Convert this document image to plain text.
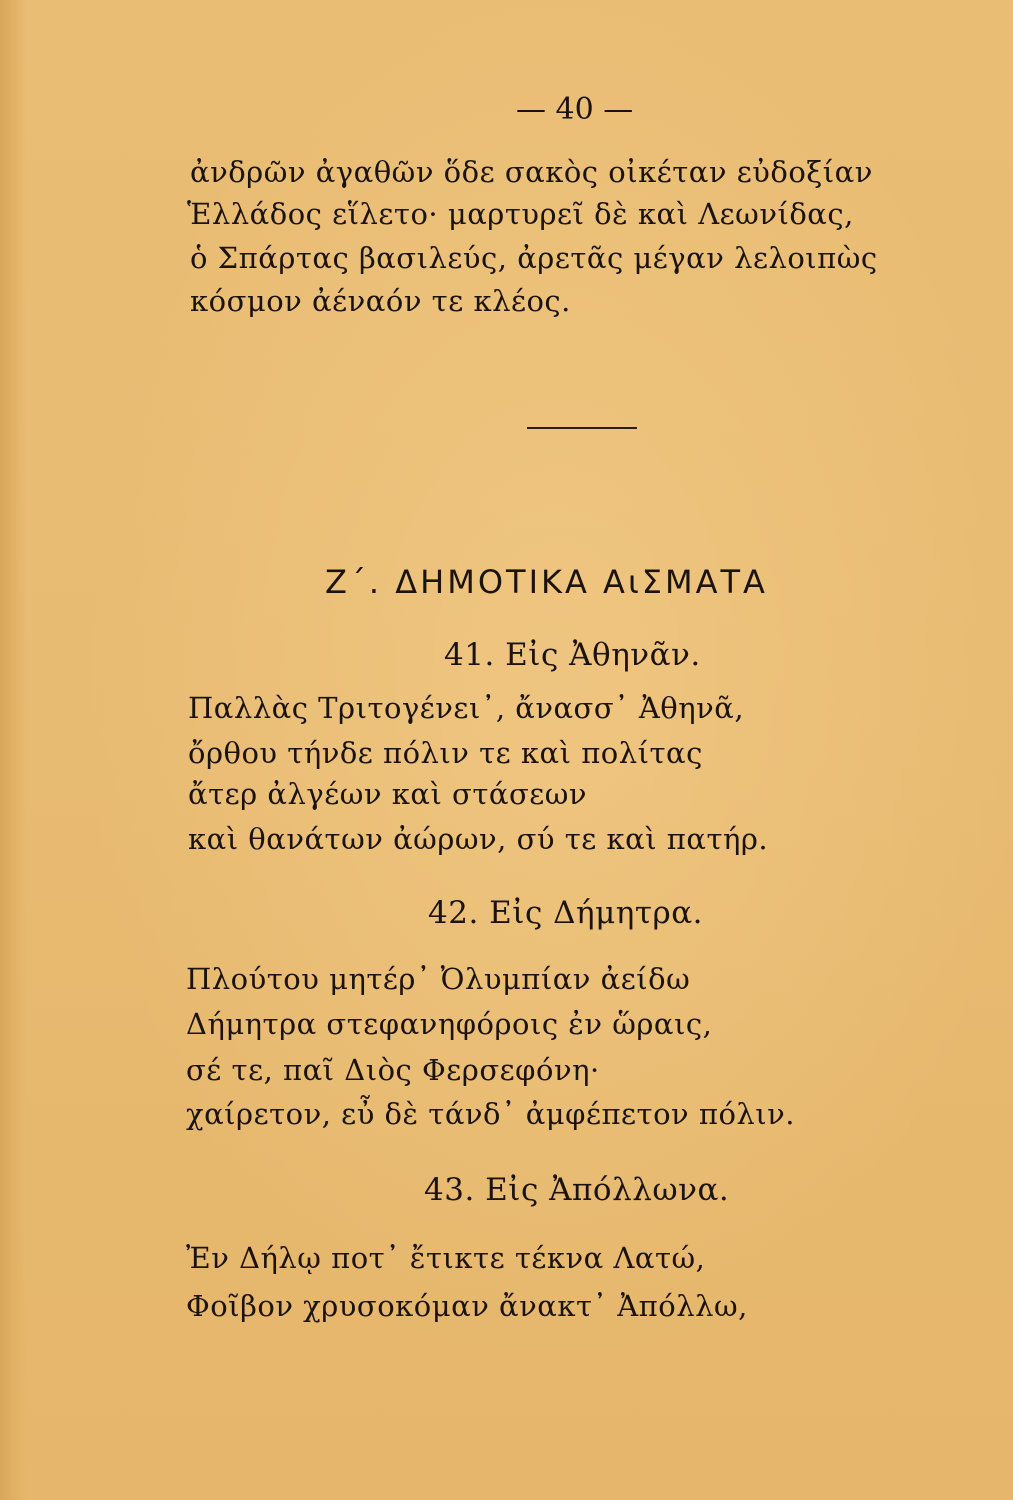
— 40 —
ἀνδρῶν ἀγαθῶν ὅδε σακὸς οἰκέταν εὐδοξίαν
Ἑλλάδος εἵλετο· μαρτυρεῖ δὲ καὶ Λεωνίδας,
ὁ Σπάρτας βασιλεύς, ἀρετᾶς μέγαν λελοιπὼς
κόσμον ἀέναόν τε κλέος.
Ζ΄. ΔΗΜΟΤΙΚΑ ΑιΣΜΑΤΑ
41. Εἰς Ἀθηνᾶν.
Παλλὰς Τριτογένει᾽, ἄνασσ᾽ Ἀθηνᾶ,
ὄρθου τήνδε πόλιν τε καὶ πολίτας
ἄτερ ἀλγέων καὶ στάσεων
καὶ θανάτων ἀώρων, σύ τε καὶ πατήρ.
42. Εἰς Δήμητρα.
Πλούτου μητέρ᾽ Ὀλυμπίαν ἀείδω
Δήμητρα στεφανηφόροις ἐν ὥραις,
σέ τε, παῖ Διὸς Φερσεφόνη·
χαίρετον, εὖ δὲ τάνδ᾽ ἀμφέπετον πόλιν.
43. Εἰς Ἀπόλλωνα.
Ἐν Δήλῳ ποτ᾽ ἔτικτε τέκνα Λατώ,
Φοῖβον χρυσοκόμαν ἄνακτ᾽ Ἀπόλλω,
